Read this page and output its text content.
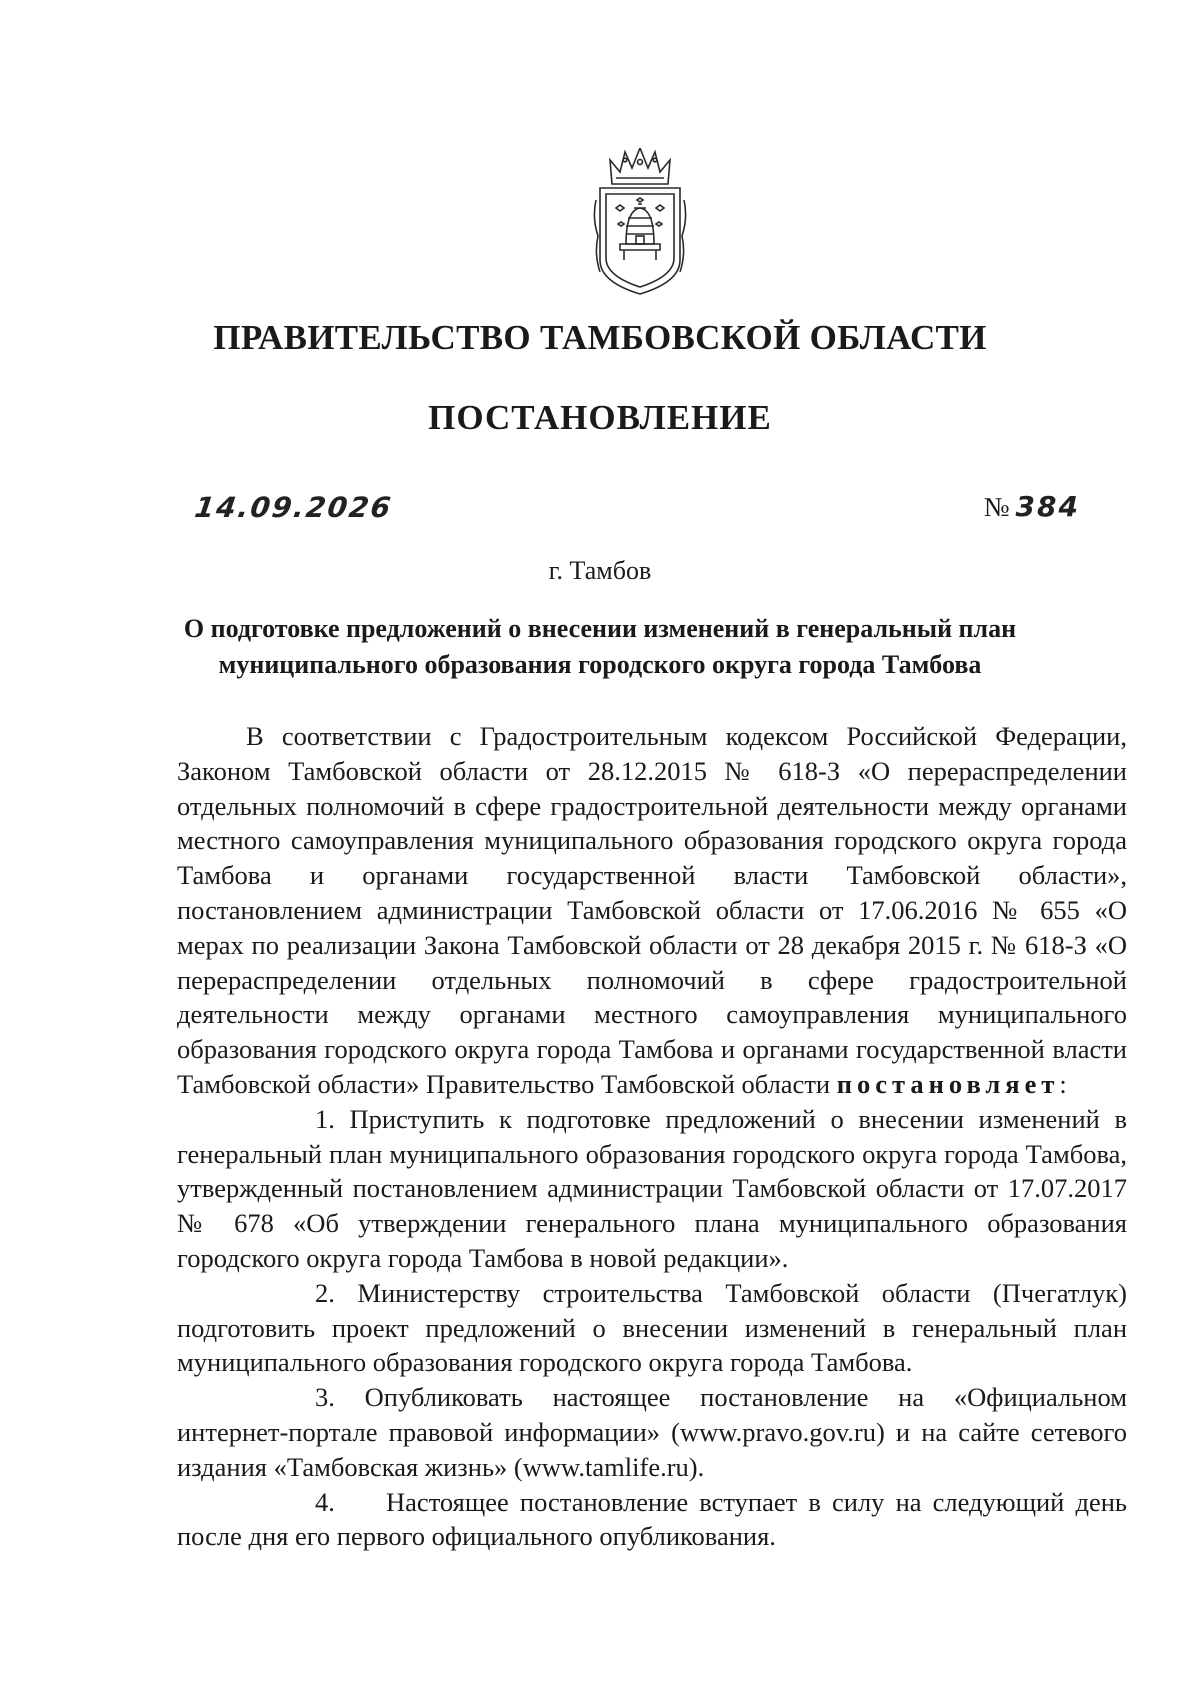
ПРАВИТЕЛЬСТВО ТАМБОВСКОЙ ОБЛАСТИ
ПОСТАНОВЛЕНИЕ
14.09.2026	№ 384
г. Тамбов
О подготовке предложений о внесении изменений в генеральный план
муниципального образования городского округа города Тамбова

В соответствии с Градостроительным кодексом Российской Федерации, Законом Тамбовской области от 28.12.2015 № 618-З «О перераспределении отдельных полномочий в сфере градостроительной деятельности между органами местного самоуправления муниципального образования городского округа города Тамбова и органами государственной власти Тамбовской области», постановлением администрации Тамбовской области от 17.06.2016 № 655 «О мерах по реализации Закона Тамбовской области от 28 декабря 2015 г. № 618-З «О перераспределении отдельных полномочий в сфере градостроительной деятельности между органами местного самоуправления муниципального образования городского округа города Тамбова и органами государственной власти Тамбовской области» Правительство Тамбовской области постановляет:

1. Приступить к подготовке предложений о внесении изменений в генеральный план муниципального образования городского округа города Тамбова, утвержденный постановлением администрации Тамбовской области от 17.07.2017 № 678 «Об утверждении генерального плана муниципального образования городского округа города Тамбова в новой редакции».

2. Министерству строительства Тамбовской области (Пчегатлук) подготовить проект предложений о внесении изменений в генеральный план муниципального образования городского округа города Тамбова.

3. Опубликовать настоящее постановление на «Официальном интернет-портале правовой информации» (www.pravo.gov.ru) и на сайте сетевого издания «Тамбовская жизнь» (www.tamlife.ru).

4. Настоящее постановление вступает в силу на следующий день после дня его первого официального опубликования.
